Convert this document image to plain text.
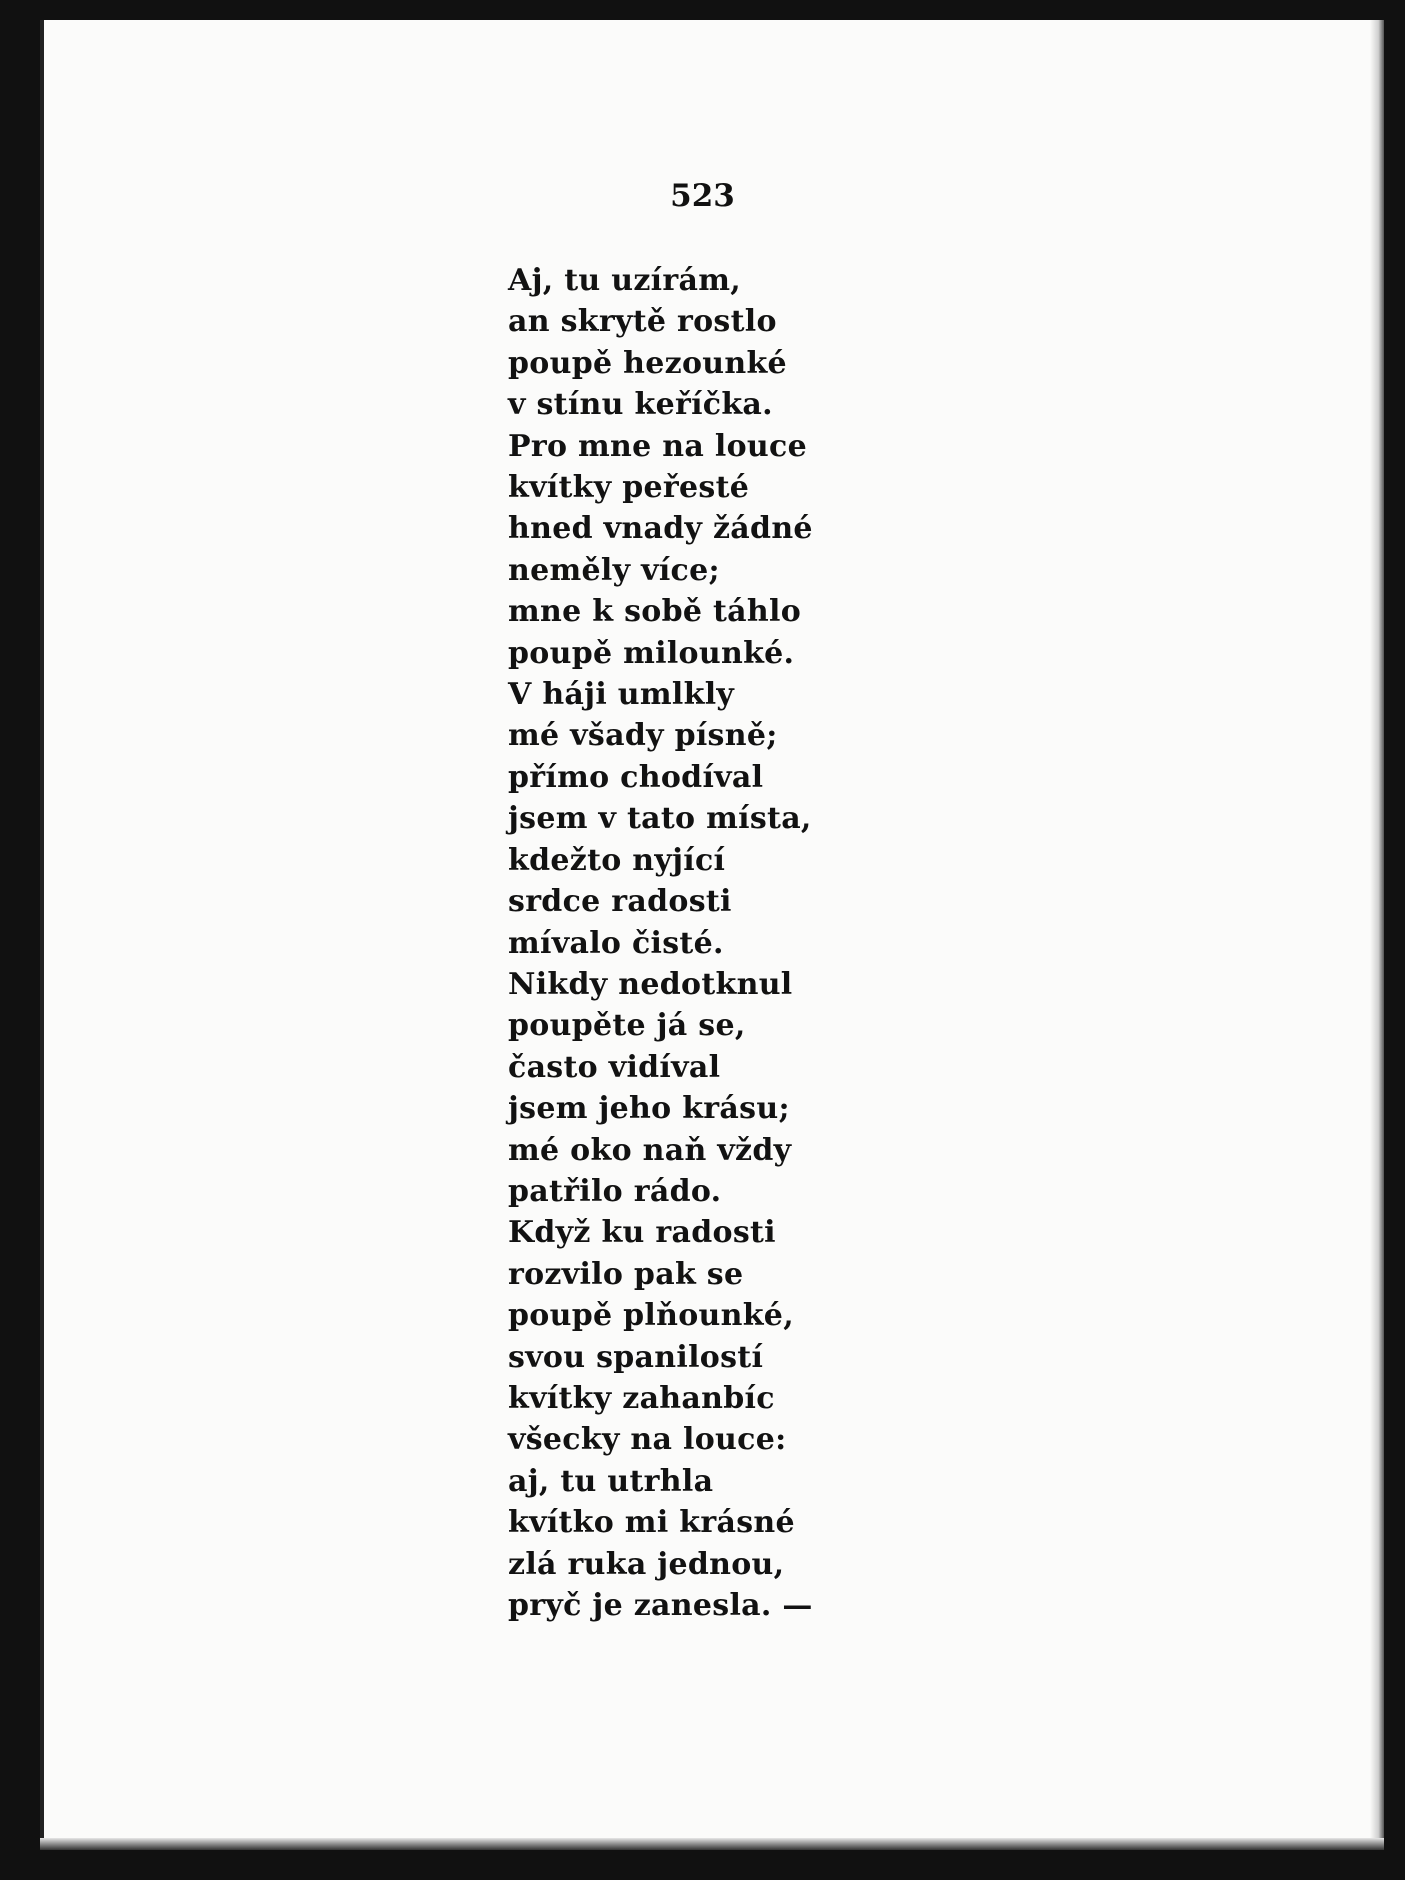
523
Aj, tu uzírám,
an skrytě rostlo
poupě hezounké
v stínu keříčka.
Pro mne na louce
kvítky peřesté
hned vnady žádné
neměly více;
mne k sobě táhlo
poupě milounké.
V háji umlkly
mé všady písně;
přímo chodíval
jsem v tato místa,
kdežto nyjící
srdce radosti
mívalo čisté.
Nikdy nedotknul
poupěte já se,
často vidíval
jsem jeho krásu;
mé oko naň vždy
patřilo rádo.
Když ku radosti
rozvilo pak se
poupě plňounké,
svou spanilostí
kvítky zahanbíc
všecky na louce:
aj, tu utrhla
kvítko mi krásné
zlá ruka jednou,
pryč je zanesla. —
